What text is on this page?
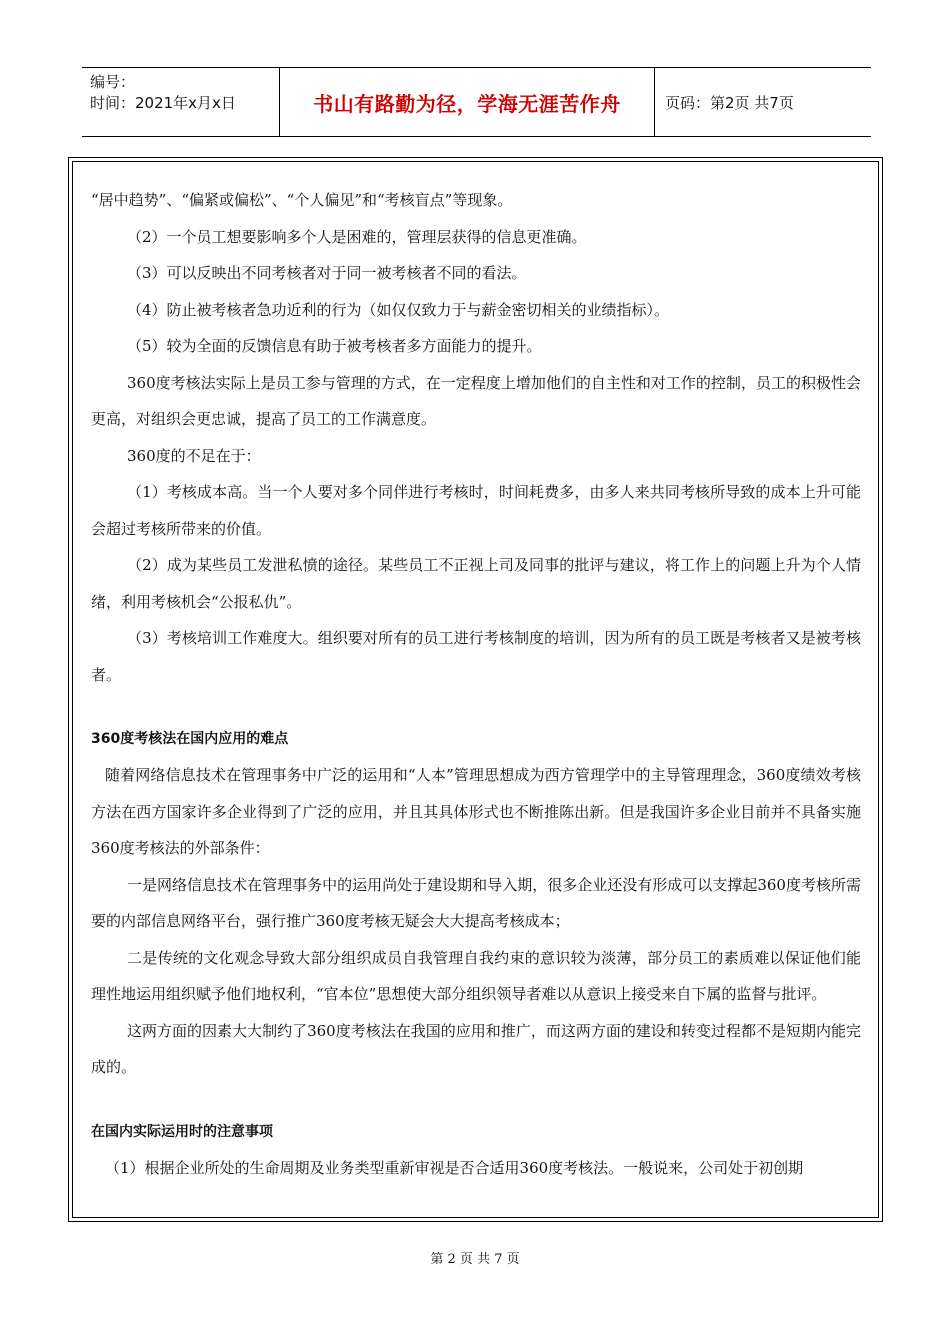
编号：
时间：2021年x月x日	书山有路勤为径，学海无涯苦作舟	页码：第2页 共7页

“居中趋势”、“偏紧或偏松”、“个人偏见”和“考核盲点”等现象。

（2）一个员工想要影响多个人是困难的，管理层获得的信息更准确。

（3）可以反映出不同考核者对于同一被考核者不同的看法。

（4）防止被考核者急功近利的行为（如仅仅致力于与薪金密切相关的业绩指标）。

（5）较为全面的反馈信息有助于被考核者多方面能力的提升。

360度考核法实际上是员工参与管理的方式，在一定程度上增加他们的自主性和对工作的控制，员工的积极性会更高，对组织会更忠诚，提高了员工的工作满意度。

360度的不足在于：

（1）考核成本高。当一个人要对多个同伴进行考核时，时间耗费多，由多人来共同考核所导致的成本上升可能会超过考核所带来的价值。

（2）成为某些员工发泄私愤的途径。某些员工不正视上司及同事的批评与建议，将工作上的问题上升为个人情绪，利用考核机会“公报私仇”。

（3）考核培训工作难度大。组织要对所有的员工进行考核制度的培训，因为所有的员工既是考核者又是被考核者。

360度考核法在国内应用的难点

随着网络信息技术在管理事务中广泛的运用和“人本”管理思想成为西方管理学中的主导管理理念，360度绩效考核方法在西方国家许多企业得到了广泛的应用，并且其具体形式也不断推陈出新。但是我国许多企业目前并不具备实施360度考核法的外部条件：

一是网络信息技术在管理事务中的运用尚处于建设期和导入期，很多企业还没有形成可以支撑起360度考核所需要的内部信息网络平台，强行推广360度考核无疑会大大提高考核成本；

二是传统的文化观念导致大部分组织成员自我管理自我约束的意识较为淡薄，部分员工的素质难以保证他们能理性地运用组织赋予他们地权利，“官本位”思想使大部分组织领导者难以从意识上接受来自下属的监督与批评。

这两方面的因素大大制约了360度考核法在我国的应用和推广，而这两方面的建设和转变过程都不是短期内能完成的。

在国内实际运用时的注意事项

（1）根据企业所处的生命周期及业务类型重新审视是否合适用360度考核法。一般说来，公司处于初创期

第 2 页 共 7 页
